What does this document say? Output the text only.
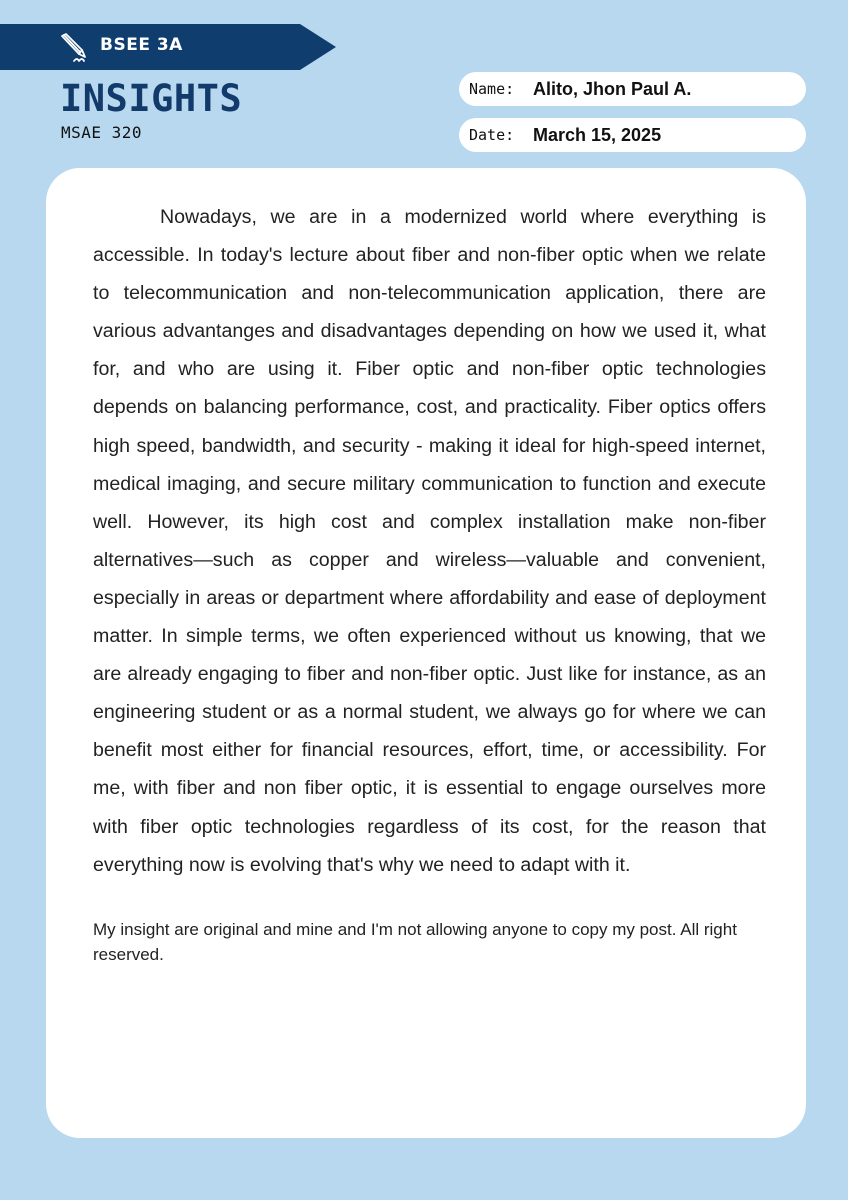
BSEE 3A
INSIGHTS
MSAE 320
Name:	Alito, Jhon Paul A.
Date:	March 15, 2025

Nowadays, we are in a modernized world where everything is accessible. In today's lecture about fiber and non-fiber optic when we relate to telecommunication and non-telecommunication application, there are various advantanges and disadvantages depending on how we used it, what for, and who are using it. Fiber optic and non-fiber optic technologies depends on balancing performance, cost, and practicality. Fiber optics offers high speed, bandwidth, and security - making it ideal for high-speed internet, medical imaging, and secure military communication to function and execute well. However, its high cost and complex installation make non-fiber alternatives—such as copper and wireless—valuable and convenient, especially in areas or department where affordability and ease of deployment matter. In simple terms, we often experienced without us knowing, that we are already engaging to fiber and non-fiber optic. Just like for instance, as an engineering student or as a normal student, we always go for where we can benefit most either for financial resources, effort, time, or accessibility. For me, with fiber and non fiber optic, it is essential to engage ourselves more with fiber optic technologies regardless of its cost, for the reason that everything now is evolving that's why we need to adapt with it.

My insight are original and mine and I'm not allowing anyone to copy my post. All right reserved.
